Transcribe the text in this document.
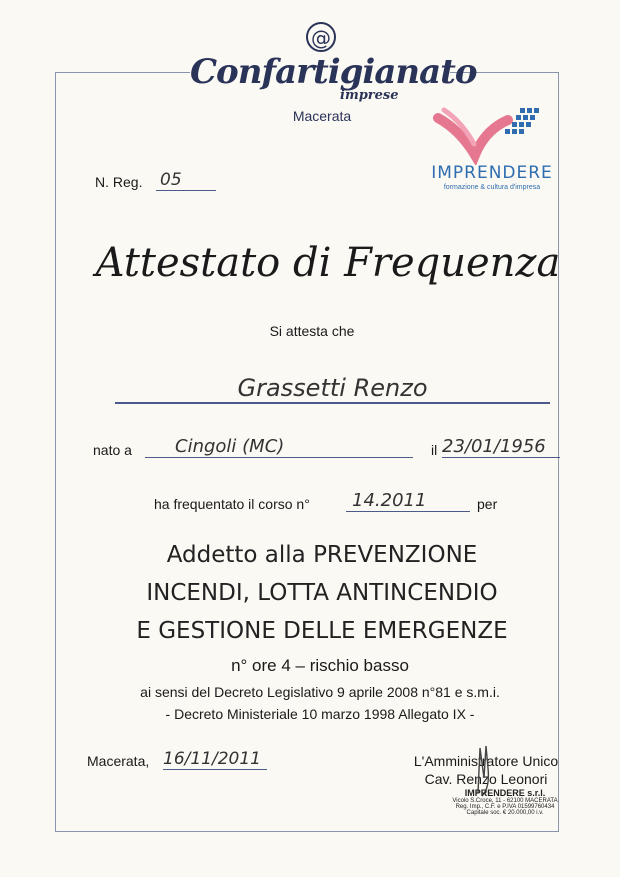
@
Confartigianato
imprese
Macerata
IMPRENDERE
formazione & cultura d'impresa
N. Reg. 05
Attestato di Frequenza
Si attesta che
Grassetti Renzo
nato a	Cingoli (MC)	il 23/01/1956
ha frequentato il corso n°	14.2011	per
Addetto alla PREVENZIONE
INCENDI, LOTTA ANTINCENDIO
E GESTIONE DELLE EMERGENZE
n° ore 4 – rischio basso
ai sensi del Decreto Legislativo 9 aprile 2008 n°81 e s.m.i.
- Decreto Ministeriale 10 marzo 1998 Allegato IX -
Macerata, 16/11/2011	L'Amministratore Unico
Cav. Renzo Leonori
IMPRENDERE s.r.l.
Vicolo S.Croce, 11 - 62100 MACERATA
Reg. Imp., C.F. e P.IVA 01599760434
Capitale soc. € 20.000,00 i.v.
